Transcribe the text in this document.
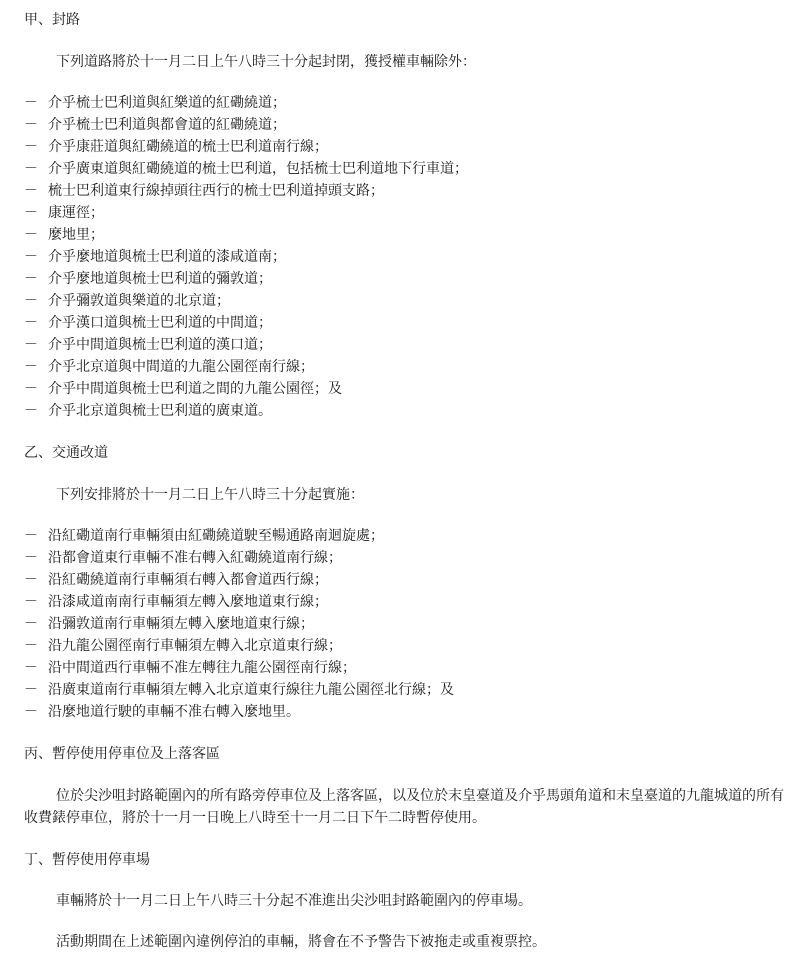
甲、封路
下列道路將於十一月二日上午八時三十分起封閉，獲授權車輛除外：
－ 介乎梳士巴利道與紅樂道的紅磡繞道；
－ 介乎梳士巴利道與都會道的紅磡繞道；
－ 介乎康莊道與紅磡繞道的梳士巴利道南行線；
－ 介乎廣東道與紅磡繞道的梳士巴利道，包括梳士巴利道地下行車道；
－ 梳士巴利道東行線掉頭往西行的梳士巴利道掉頭支路；
－ 康運徑；
－ 麼地里；
－ 介乎麼地道與梳士巴利道的漆咸道南；
－ 介乎麼地道與梳士巴利道的彌敦道；
－ 介乎彌敦道與樂道的北京道；
－ 介乎漢口道與梳士巴利道的中間道；
－ 介乎中間道與梳士巴利道的漢口道；
－ 介乎北京道與中間道的九龍公園徑南行線；
－ 介乎中間道與梳士巴利道之間的九龍公園徑；及
－ 介乎北京道與梳士巴利道的廣東道。
乙、交通改道
下列安排將於十一月二日上午八時三十分起實施：
－ 沿紅磡道南行車輛須由紅磡繞道駛至暢通路南迴旋處；
－ 沿都會道東行車輛不准右轉入紅磡繞道南行線；
－ 沿紅磡繞道南行車輛須右轉入都會道西行線；
－ 沿漆咸道南南行車輛須左轉入麼地道東行線；
－ 沿彌敦道南行車輛須左轉入麼地道東行線；
－ 沿九龍公園徑南行車輛須左轉入北京道東行線；
－ 沿中間道西行車輛不准左轉往九龍公園徑南行線；
－ 沿廣東道南行車輛須左轉入北京道東行線往九龍公園徑北行線；及
－ 沿麼地道行駛的車輛不准右轉入麼地里。
丙、暫停使用停車位及上落客區
位於尖沙咀封路範圍內的所有路旁停車位及上落客區，以及位於末皇臺道及介乎馬頭角道和末皇臺道的九龍城道的所有收費錶停車位，將於十一月一日晚上八時至十一月二日下午二時暫停使用。
丁、暫停使用停車場
車輛將於十一月二日上午八時三十分起不准進出尖沙咀封路範圍內的停車場。
活動期間在上述範圍內違例停泊的車輛，將會在不予警告下被拖走或重複票控。
